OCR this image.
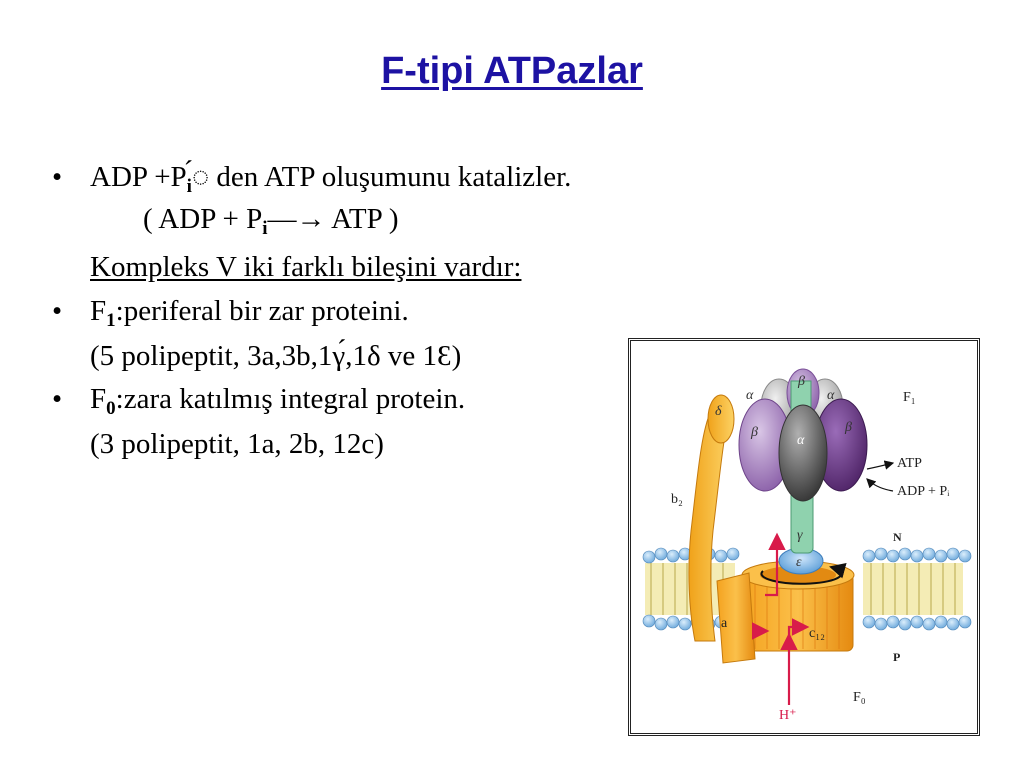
F-tipi ATPazlar
• ADP $+P_í◌$ den ATP oluşumunu katalizler.
( ADP + $P_i—\to$ ATP )
Kompleks V iki farklı bileşini vardır:
• $F_1:periferal$ bir zar proteini.
(5 polipeptit, 3a,3b,1γ́,1δ ve 1Ɛ)
• $F_0:zara$ katılmış integral protein.
(3 polipeptit, 1a, 2b, 12c)
α
β
α
β	β
α
γ
ε
δ
F₁
b₂
N
P
a
c₁₂
F₀
ATP
ADP + Pᵢ
H⁺
